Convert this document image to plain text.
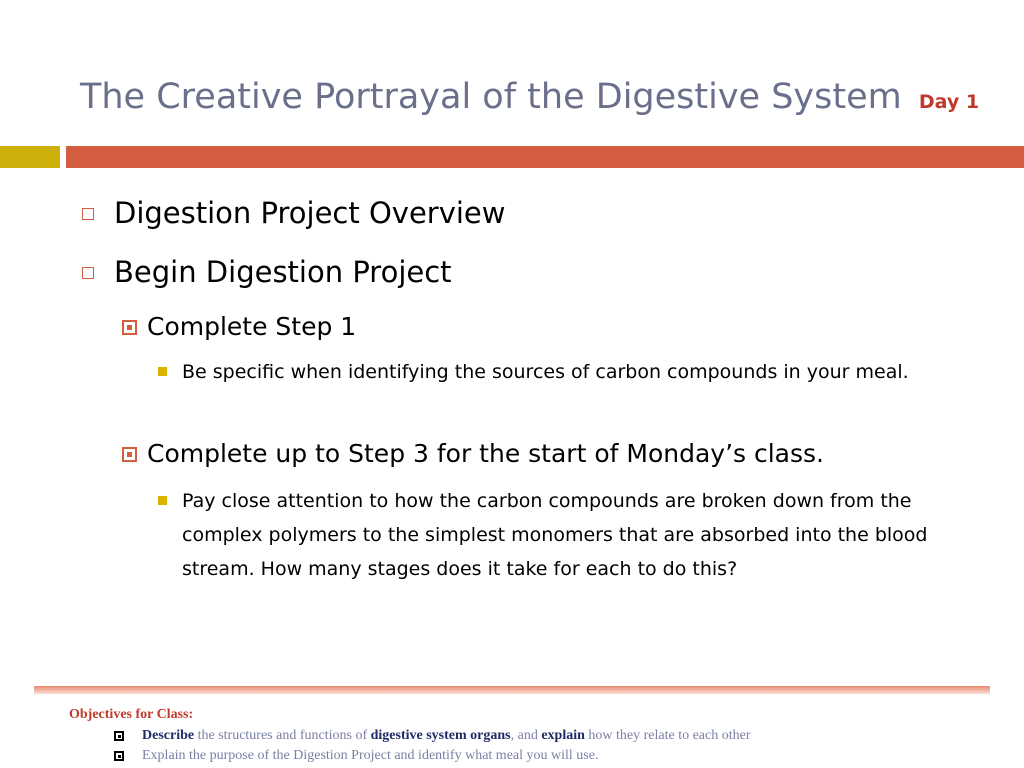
The Creative Portrayal of the Digestive System Day 1
Digestion Project Overview
Begin Digestion Project
Complete Step 1
Be specific when identifying the sources of carbon compounds in your meal.
Complete up to Step 3 for the start of Monday’s class.
Pay close attention to how the carbon compounds are broken down from the complex polymers to the simplest monomers that are absorbed into the blood stream. How many stages does it take for each to do this?
Objectives for Class:
Describe the structures and functions of digestive system organs, and explain how they relate to each other
Explain the purpose of the Digestion Project and identify what meal you will use.
